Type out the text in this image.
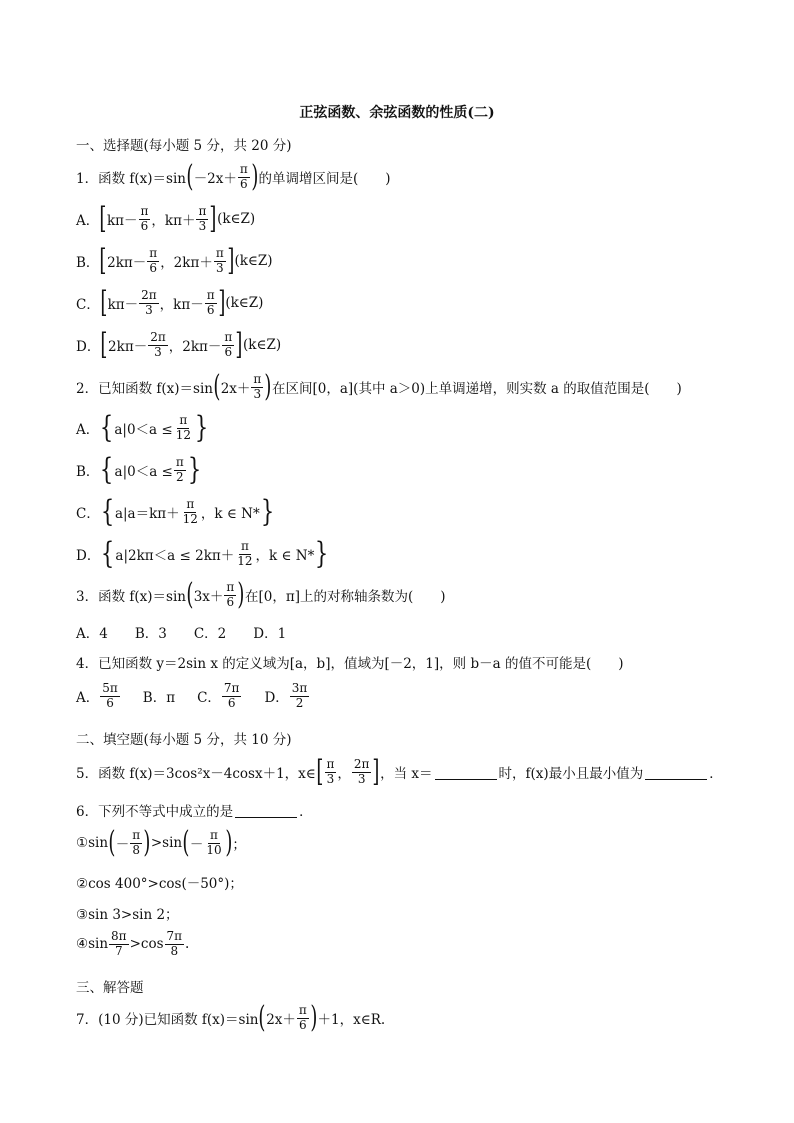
正弦函数、余弦函数的性质(二)
一、选择题(每小题 5 分，共 20 分)
1．函数 f(x)＝sin ( $-2x+ \frac{\pi}{6}$ ) 的单调增区间是(　　)
A． [ $k\pi- \frac{\pi}{6}$ ，$k\pi+ \frac{\pi}{3}$ ] (k∈Z)
B． [ $2k\pi- \frac{\pi}{6}$ ，$2k\pi+ \frac{\pi}{3}$ ] (k∈Z)
C． [ $k\pi- \frac{2\pi}{3}$ ，$k\pi- \frac{\pi}{6}$ ] (k∈Z)
D． [ $2k\pi- \frac{2\pi}{3}$ ，$2k\pi- \frac{\pi}{6}$ ] (k∈Z)
2．已知函数 f(x)＝sin ( $2x+ \frac{\pi}{3}$ ) 在区间[0，a](其中 a＞0)上单调递增，则实数 a 的取值范围是(　　)
A． { $a|0<a \le \frac{\pi}{12}$ }
B． { $a|0<a \le \frac{\pi}{2}$ }
C． { $a|a=k\pi+ \frac{\pi}{12}$ ，k ∈ N* }
D． { $a|2k\pi<a \le 2k\pi+ \frac{\pi}{12}$ ，k ∈ N* }
3．函数 f(x)＝sin ( $3x+ \frac{\pi}{6}$ ) 在[0，π]上的对称轴条数为(　　)
A．4　　B．3　　C．2　　D．1
4．已知函数 y＝2sin x 的定义域为[a，b]，值域为[－2，1]，则 b－a 的值不可能是(　　)
A． $\frac{5\pi}{6}$ B．π C． $\frac{7\pi}{6}$ D． $\frac{3\pi}{2}$
二、填空题(每小题 5 分，共 10 分)
5．函数 f(x)＝3cos²x－4cosx＋1，x∈ [ $\frac{\pi}{3}$ ， $\frac{2\pi}{3}$ ] ，当 x＝	时，f(x)最小且最小值为	．
6．下列不等式中成立的是	．
①sin ( － $\frac{\pi}{8}$ ) >sin ( － $\frac{\pi}{10}$ ) ；
②cos 400°>cos(－50°)；
③sin 3>sin 2；
④sin $\frac{8\pi}{7} >\cos \frac{7\pi}{8}$ .
三、解答题
7．(10 分)已知函数 f(x)＝sin ( $2x+ \frac{\pi}{6}$ ) ＋1，x∈R.
